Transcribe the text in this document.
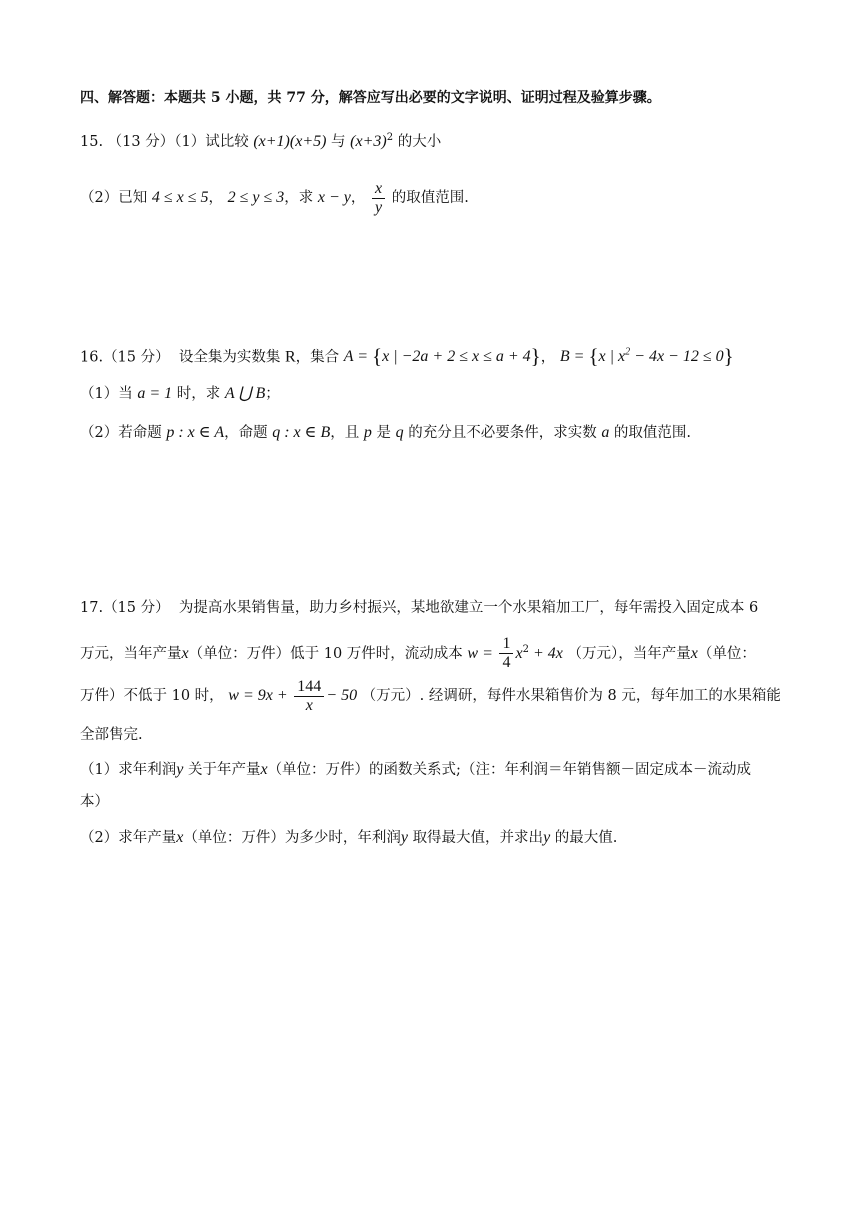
四、解答题：本题共 5 小题，共 77 分，解答应写出必要的文字说明、证明过程及验算步骤。
15. （13 分）（1）试比较 (x+1)(x+5) 与 $(x+3)^2$ 的大小
（2）已知 4 ≤ x ≤ 5， 2 ≤ y ≤ 3，求 x − y， $\frac{x}{y}$ 的取值范围.
16.（15 分） 设全集为实数集 R，集合 A = {x | −2a + 2 ≤ x ≤ a + 4}， B = {x | $x^2 - 4x - 12 \le 0$}
（1）当 a = 1 时，求 A ⋃ B；
（2）若命题 p : x ∈ A，命题 q : x ∈ B，且 p 是 q 的充分且不必要条件，求实数 a 的取值范围.
17.（15 分） 为提高水果销售量，助力乡村振兴，某地欲建立一个水果箱加工厂，每年需投入固定成本 6
万元，当年产量x（单位：万件）低于 10 万件时，流动成本 $w = \frac{1}{4} x^2 + 4x$ （万元），当年产量x（单位：
万件）不低于 10 时， $w = 9x + \frac{144}{x} - 50$ （万元）. 经调研，每件水果箱售价为 8 元，每年加工的水果箱能
全部售完.
（1）求年利润y 关于年产量x（单位：万件）的函数关系式;（注：年利润＝年销售额－固定成本－流动成
本）
（2）求年产量x（单位：万件）为多少时，年利润y 取得最大值，并求出y 的最大值.
